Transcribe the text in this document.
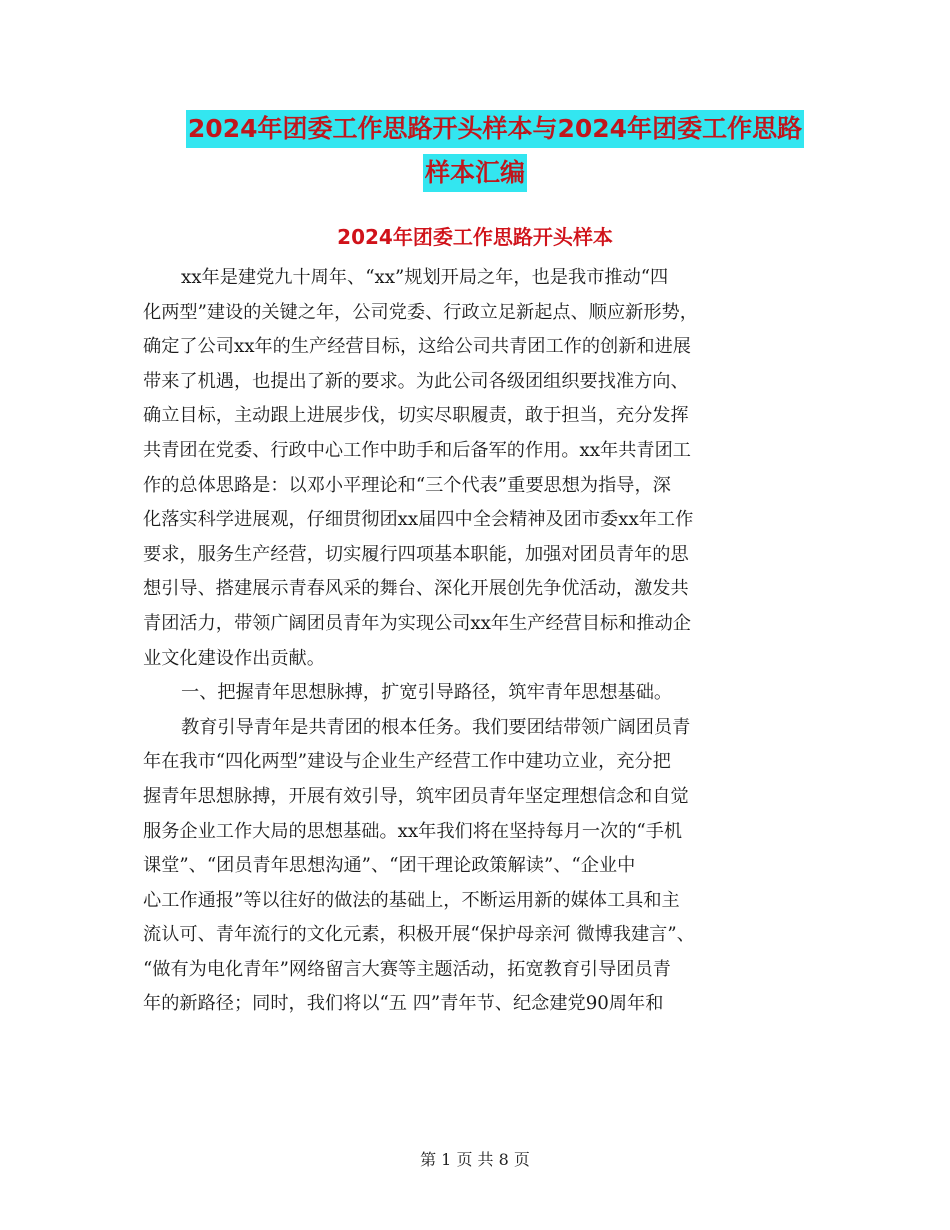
2024年团委工作思路开头样本与2024年团委工作思路
样本汇编
2024年团委工作思路开头样本
xx年是建党九十周年、“xx”规划开局之年，也是我市推动“四
化两型”建设的关键之年，公司党委、行政立足新起点、顺应新形势，
确定了公司xx年的生产经营目标，这给公司共青团工作的创新和进展
带来了机遇，也提出了新的要求。为此公司各级团组织要找准方向、
确立目标，主动跟上进展步伐，切实尽职履责，敢于担当，充分发挥
共青团在党委、行政中心工作中助手和后备军的作用。xx年共青团工
作的总体思路是：以邓小平理论和“三个代表”重要思想为指导，深
化落实科学进展观，仔细贯彻团xx届四中全会精神及团市委xx年工作
要求，服务生产经营，切实履行四项基本职能，加强对团员青年的思
想引导、搭建展示青春风采的舞台、深化开展创先争优活动，激发共
青团活力，带领广阔团员青年为实现公司xx年生产经营目标和推动企
业文化建设作出贡献。
一、把握青年思想脉搏，扩宽引导路径，筑牢青年思想基础。
教育引导青年是共青团的根本任务。我们要团结带领广阔团员青
年在我市“四化两型”建设与企业生产经营工作中建功立业，充分把
握青年思想脉搏，开展有效引导，筑牢团员青年坚定理想信念和自觉
服务企业工作大局的思想基础。xx年我们将在坚持每月一次的“手机
课堂”、“团员青年思想沟通”、“团干理论政策解读”、“企业中
心工作通报”等以往好的做法的基础上，不断运用新的媒体工具和主
流认可、青年流行的文化元素，积极开展“保护母亲河 微博我建言”、
“做有为电化青年”网络留言大赛等主题活动，拓宽教育引导团员青
年的新路径；同时，我们将以“五 四”青年节、纪念建党90周年和
第 1 页 共 8 页
